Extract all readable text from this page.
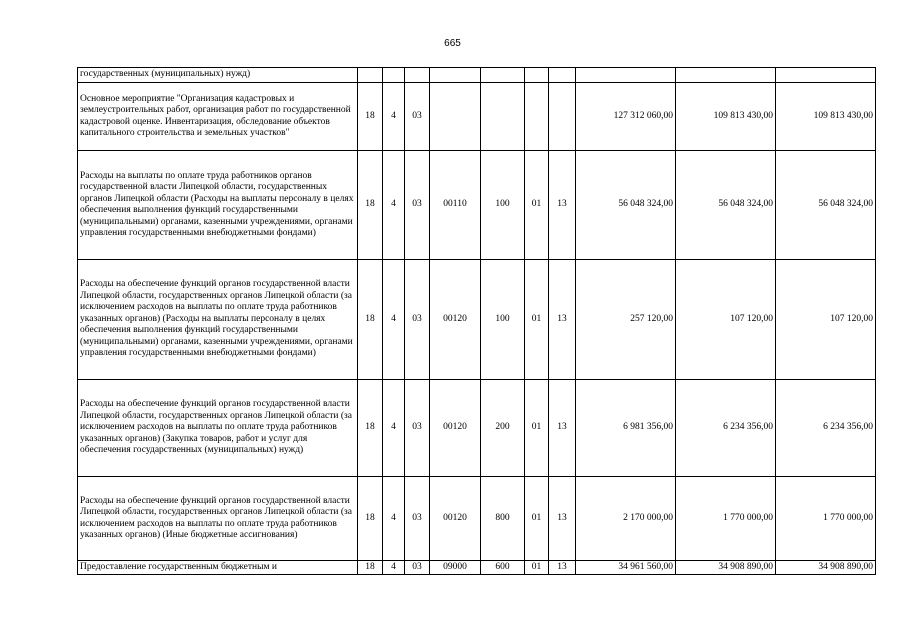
665
государственных (муниципальных) нужд)										
Основное мероприятие "Организация кадастровых и землеустроительных работ, организация работ по государственной кадастровой оценке. Инвентаризация, обследование объектов капитального строительства и земельных участков"	18	4	03					127 312 060,00	109 813 430,00	109 813 430,00
Расходы на выплаты по оплате труда работников органов государственной власти Липецкой области, государственных органов Липецкой области (Расходы на выплаты персоналу в целях обеспечения выполнения функций государственными (муниципальными) органами, казенными учреждениями, органами управления государственными внебюджетными фондами)	18	4	03	00110	100	01	13	56 048 324,00	56 048 324,00	56 048 324,00
Расходы на обеспечение функций органов государственной власти Липецкой области, государственных органов Липецкой области (за исключением расходов на выплаты по оплате труда работников указанных органов) (Расходы на выплаты персоналу в целях обеспечения выполнения функций государственными (муниципальными) органами, казенными учреждениями, органами управления государственными внебюджетными фондами)	18	4	03	00120	100	01	13	257 120,00	107 120,00	107 120,00
Расходы на обеспечение функций органов государственной власти Липецкой области, государственных органов Липецкой области (за исключением расходов на выплаты по оплате труда работников указанных органов) (Закупка товаров, работ и услуг для обеспечения государственных (муниципальных) нужд)	18	4	03	00120	200	01	13	6 981 356,00	6 234 356,00	6 234 356,00
Расходы на обеспечение функций органов государственной власти Липецкой области, государственных органов Липецкой области (за исключением расходов на выплаты по оплате труда работников указанных органов) (Иные бюджетные ассигнования)	18	4	03	00120	800	01	13	2 170 000,00	1 770 000,00	1 770 000,00
Предоставление государственным бюджетным и	18	4	03	09000	600	01	13	34 961 560,00	34 908 890,00	34 908 890,00
